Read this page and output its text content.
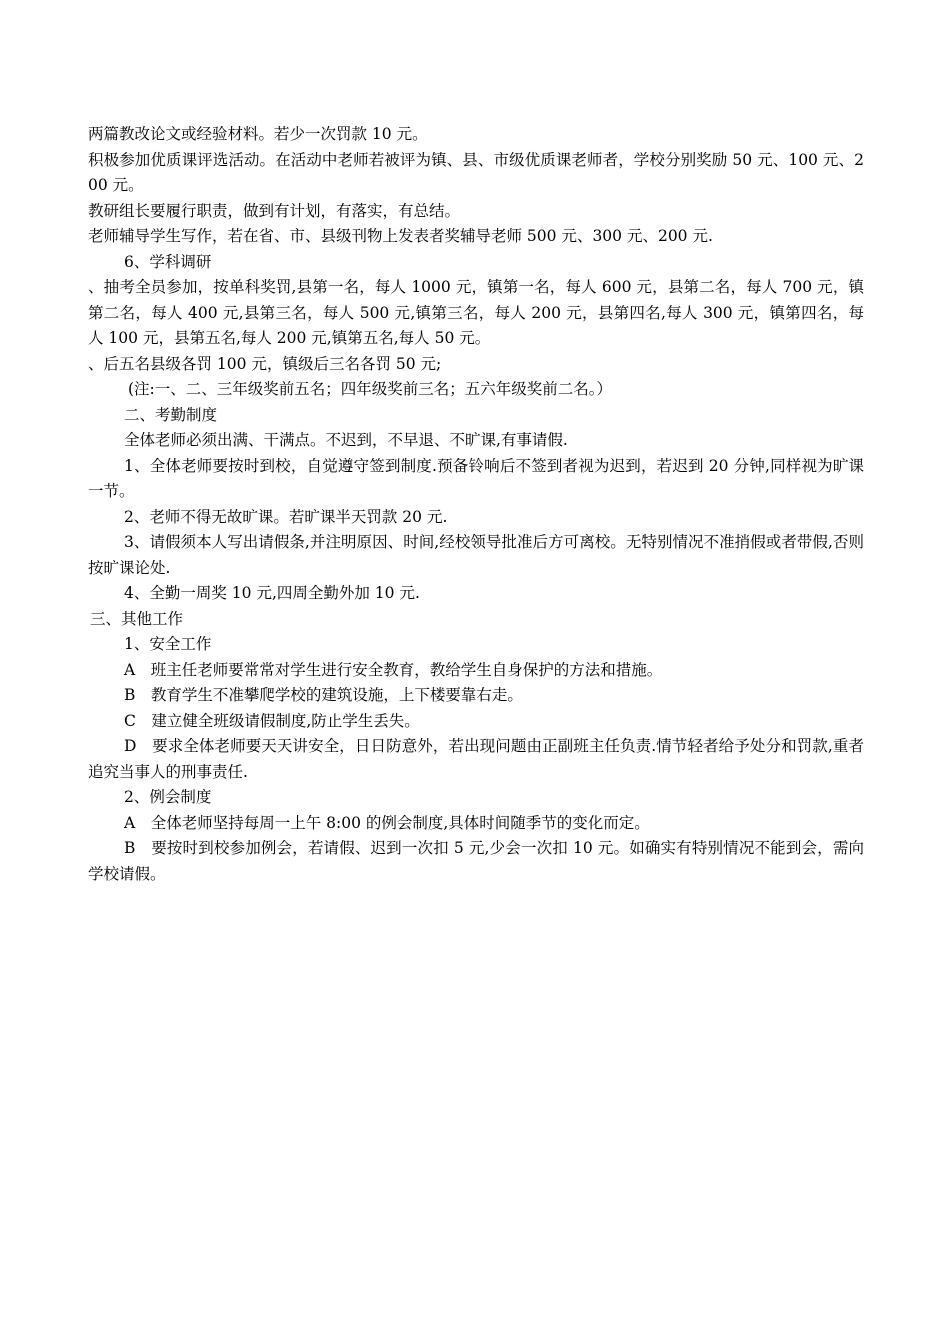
两篇教改论文或经验材料。若少一次罚款 10 元。

积极参加优质课评选活动。在活动中老师若被评为镇、县、市级优质课老师者，学校分别奖励 50 元、100 元、200 元。

教研组长要履行职责，做到有计划，有落实，有总结。

老师辅导学生写作，若在省、市、县级刊物上发表者奖辅导老师 500 元、300 元、200 元.

6、学科调研

、抽考全员参加，按单科奖罚,县第一名，每人 1000 元，镇第一名，每人 600 元，县第二名，每人 700 元，镇第二名，每人 400 元,县第三名，每人 500 元,镇第三名，每人 200 元，县第四名,每人 300 元，镇第四名，每人 100 元，县第五名,每人 200 元,镇第五名,每人 50 元。

、后五名县级各罚 100 元，镇级后三名各罚 50 元;

(注:一、二、三年级奖前五名；四年级奖前三名；五六年级奖前二名。）

二、考勤制度

全体老师必须出满、干满点。不迟到，不早退、不旷课,有事请假.

1、全体老师要按时到校，自觉遵守签到制度.预备铃响后不签到者视为迟到，若迟到 20 分钟,同样视为旷课一节。

2、老师不得无故旷课。若旷课半天罚款 20 元.

3、请假须本人写出请假条,并注明原因、时间,经校领导批准后方可离校。无特别情况不准捎假或者带假,否则按旷课论处.

4、全勤一周奖 10 元,四周全勤外加 10 元.

三、其他工作

1、安全工作

A　班主任老师要常常对学生进行安全教育，教给学生自身保护的方法和措施。

B　教育学生不准攀爬学校的建筑设施，上下楼要靠右走。

C　建立健全班级请假制度,防止学生丢失。

D　要求全体老师要天天讲安全，日日防意外，若出现问题由正副班主任负责.情节轻者给予处分和罚款,重者追究当事人的刑事责任.

2、例会制度

A　全体老师坚持每周一上午 8:00 的例会制度,具体时间随季节的变化而定。

B　要按时到校参加例会，若请假、迟到一次扣 5 元,少会一次扣 10 元。如确实有特别情况不能到会，需向学校请假。
